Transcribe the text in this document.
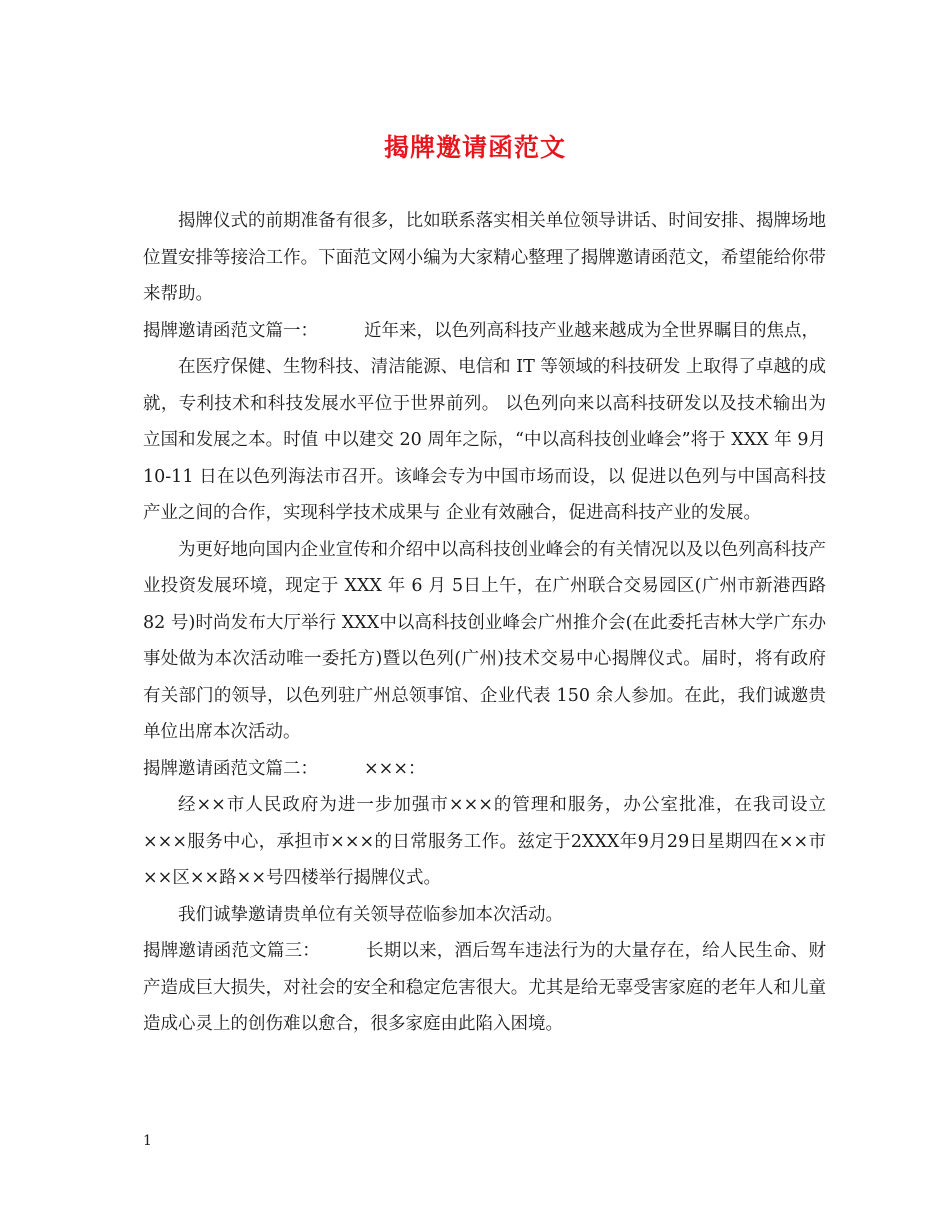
揭牌邀请函范文

揭牌仪式的前期准备有很多，比如联系落实相关单位领导讲话、时间安排、揭牌场地位置安排等接洽工作。下面范文网小编为大家精心整理了揭牌邀请函范文，希望能给你带来帮助。

揭牌邀请函范文篇一：	近年来，以色列高科技产业越来越成为全世界瞩目的焦点，

在医疗保健、生物科技、清洁能源、电信和 IT 等领域的科技研发 上取得了卓越的成就，专利技术和科技发展水平位于世界前列。 以色列向来以高科技研发以及技术输出为立国和发展之本。时值 中以建交 20 周年之际，“中以高科技创业峰会”将于 XXX 年 9月 10-11 日在以色列海法市召开。该峰会专为中国市场而设，以 促进以色列与中国高科技产业之间的合作，实现科学技术成果与 企业有效融合，促进高科技产业的发展。

为更好地向国内企业宣传和介绍中以高科技创业峰会的有关情况以及以色列高科技产业投资发展环境，现定于 XXX 年 6 月 5日上午，在广州联合交易园区(广州市新港西路 82 号)时尚发布大厅举行 XXX中以高科技创业峰会广州推介会(在此委托吉林大学广东办事处做为本次活动唯一委托方)暨以色列(广州)技术交易中心揭牌仪式。届时，将有政府有关部门的领导，以色列驻广州总领事馆、企业代表 150 余人参加。在此，我们诚邀贵单位出席本次活动。

揭牌邀请函范文篇二：	×××：

经××市人民政府为进一步加强市×××的管理和服务，办公室批准，在我司设立×××服务中心，承担市×××的日常服务工作。兹定于2XXX年9月29日星期四在××市××区××路××号四楼举行揭牌仪式。

我们诚挚邀请贵单位有关领导莅临参加本次活动。

揭牌邀请函范文篇三：	长期以来，酒后驾车违法行为的大量存在，给人民生命、财产造成巨大损失，对社会的安全和稳定危害很大。尤其是给无辜受害家庭的老年人和儿童造成心灵上的创伤难以愈合，很多家庭由此陷入困境。

1
